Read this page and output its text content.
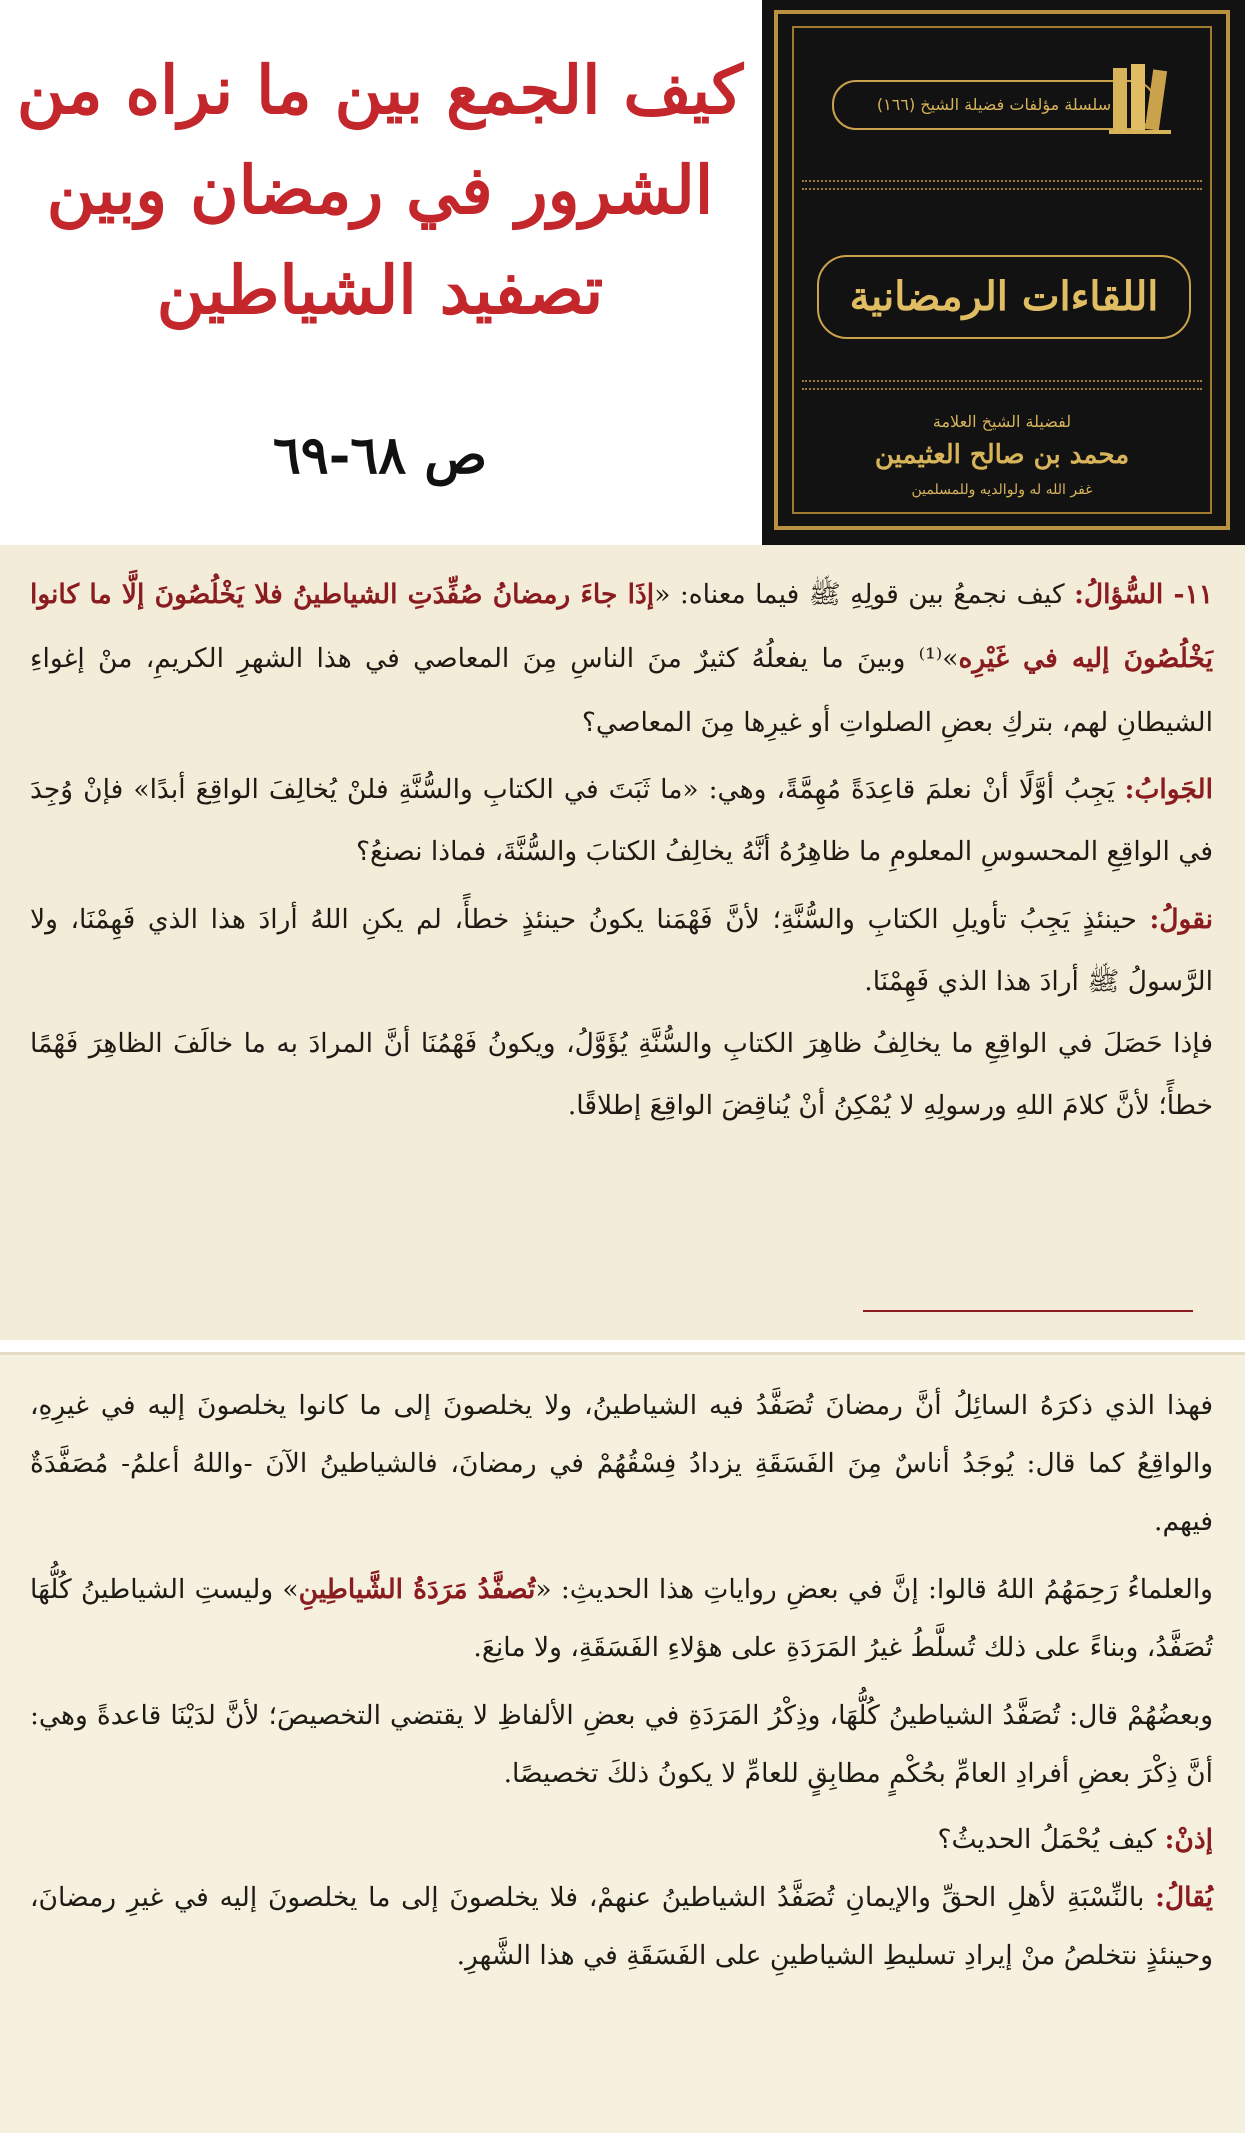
كيف الجمع بين ما نراه من
الشرور في رمضان وبين
تصفيد الشياطين
ص ٦٨-٦٩
سلسلة مؤلفات فضيلة الشيخ (١٦٦)
اللقاءات الرمضانية
لفضيلة الشيخ العلامة
محمد بن صالح العثيمين
غفر الله له ولوالديه وللمسلمين

١١- السُّؤالُ: كيف نجمعُ بين قولِهِ ﷺ فيما معناه: «إذَا جاءَ رمضانُ صُفِّدَتِ الشياطينُ فلا يَخْلُصُونَ إلَّا ما كانوا يَخْلُصُونَ إليه في غَيْرِه»⁽¹⁾ وبينَ ما يفعلُهُ كثيرٌ منَ الناسِ مِنَ المعاصي في هذا الشهرِ الكريمِ، منْ إغواءِ الشيطانِ لهم، بتركِ بعضِ الصلواتِ أو غيرِها مِنَ المعاصي؟

الجَوابُ: يَجِبُ أوَّلًا أنْ نعلمَ قاعِدَةً مُهِمَّةً، وهي: «ما ثَبَتَ في الكتابِ والسُّنَّةِ فلنْ يُخالِفَ الواقِعَ أبدًا» فإنْ وُجِدَ في الواقِعِ المحسوسِ المعلومِ ما ظاهِرُهُ أنَّهُ يخالِفُ الكتابَ والسُّنَّةَ، فماذا نصنعُ؟

نقولُ: حينئذٍ يَجِبُ تأويلِ الكتابِ والسُّنَّةِ؛ لأنَّ فَهْمَنا يكونُ حينئذٍ خطأً، لم يكنِ اللهُ أرادَ هذا الذي فَهِمْنَا، ولا الرَّسولُ ﷺ أرادَ هذا الذي فَهِمْنَا.

فإذا حَصَلَ في الواقِعِ ما يخالِفُ ظاهِرَ الكتابِ والسُّنَّةِ يُؤَوَّلُ، ويكونُ فَهْمُنَا أنَّ المرادَ به ما خالَفَ الظاهِرَ فَهْمًا خطأً؛ لأنَّ كلامَ اللهِ ورسولِهِ لا يُمْكِنُ أنْ يُناقِضَ الواقِعَ إطلاقًا.

فهذا الذي ذكرَهُ السائِلُ أنَّ رمضانَ تُصَفَّدُ فيه الشياطينُ، ولا يخلصونَ إلى ما كانوا يخلصونَ إليه في غيرِهِ، والواقِعُ كما قال: يُوجَدُ أناسٌ مِنَ الفَسَقَةِ يزدادُ فِسْقُهُمْ في رمضانَ، فالشياطينُ الآنَ -واللهُ أعلمُ- مُصَفَّدَةٌ فيهم.

والعلماءُ رَحِمَهُمُ اللهُ قالوا: إنَّ في بعضِ رواياتِ هذا الحديثِ: «تُصفَّدُ مَرَدَةُ الشَّياطِينِ» وليستِ الشياطينُ كُلُّهَا تُصَفَّدُ، وبناءً على ذلك تُسلَّطُ غيرُ المَرَدَةِ على هؤلاءِ الفَسَقَةِ، ولا مانِعَ.

وبعضُهُمْ قال: تُصَفَّدُ الشياطينُ كُلُّهَا، وذِكْرُ المَرَدَةِ في بعضِ الألفاظِ لا يقتضي التخصيصَ؛ لأنَّ لدَيْنَا قاعدةً وهي: أنَّ ذِكْرَ بعضِ أفرادِ العامِّ بحُكْمٍ مطابِقٍ للعامِّ لا يكونُ ذلكَ تخصيصًا.

إذنْ: كيف يُحْمَلُ الحديثُ؟

يُقالُ: بالنِّسْبَةِ لأهلِ الحقِّ والإيمانِ تُصَفَّدُ الشياطينُ عنهمْ، فلا يخلصونَ إلى ما يخلصونَ إليه في غيرِ رمضانَ، وحينئذٍ نتخلصُ منْ إيرادِ تسليطِ الشياطينِ على الفَسَقَةِ في هذا الشَّهرِ.
